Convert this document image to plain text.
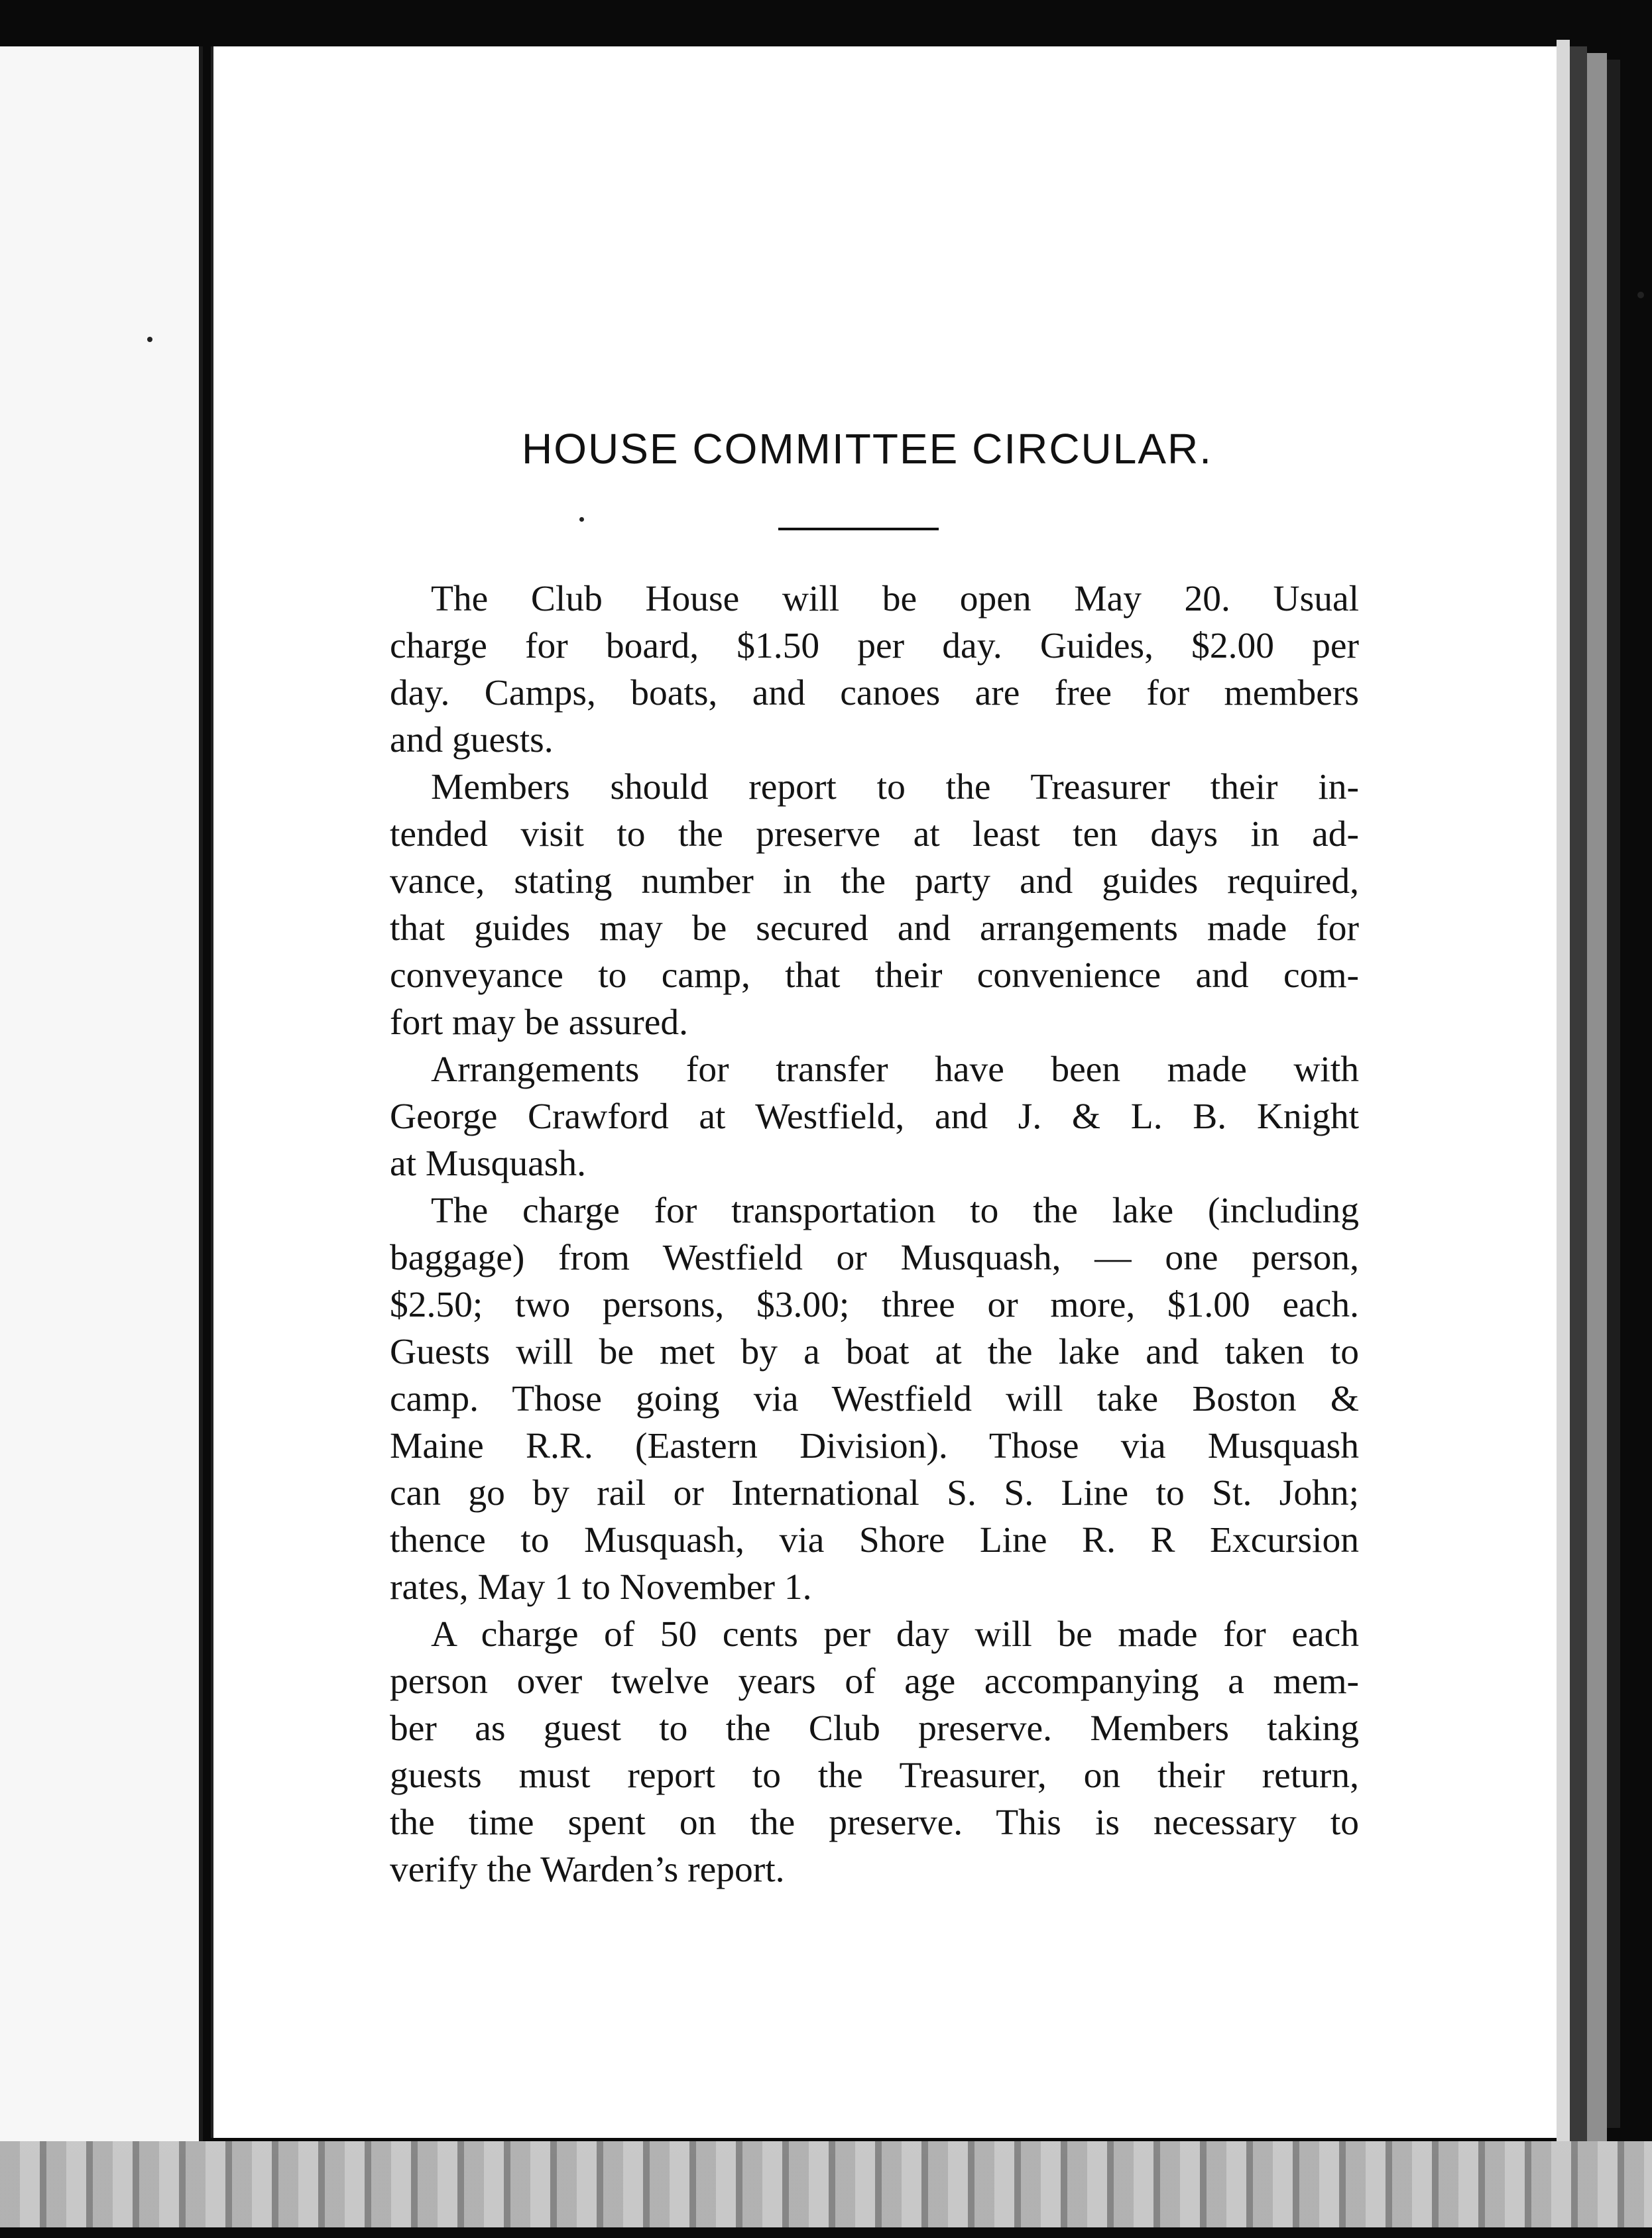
HOUSE COMMITTEE CIRCULAR.

The Club House will be open May 20. Usual
charge for board, $1.50 per day. Guides, $2.00 per
day. Camps, boats, and canoes are free for members
and guests.

Members should report to the Treasurer their in-
tended visit to the preserve at least ten days in ad-
vance, stating number in the party and guides required,
that guides may be secured and arrangements made for
conveyance to camp, that their convenience and com-
fort may be assured.

Arrangements for transfer have been made with
George Crawford at Westfield, and J. & L. B. Knight
at Musquash.

The charge for transportation to the lake (including
baggage) from Westfield or Musquash, — one person,
$2.50; two persons, $3.00; three or more, $1.00 each.
Guests will be met by a boat at the lake and taken to
camp. Those going via Westfield will take Boston &
Maine R.R. (Eastern Division). Those via Musquash
can go by rail or International S. S. Line to St. John;
thence to Musquash, via Shore Line R. R Excursion
rates, May 1 to November 1.

A charge of 50 cents per day will be made for each
person over twelve years of age accompanying a mem-
ber as guest to the Club preserve. Members taking
guests must report to the Treasurer, on their return,
the time spent on the preserve. This is necessary to
verify the Warden’s report.
